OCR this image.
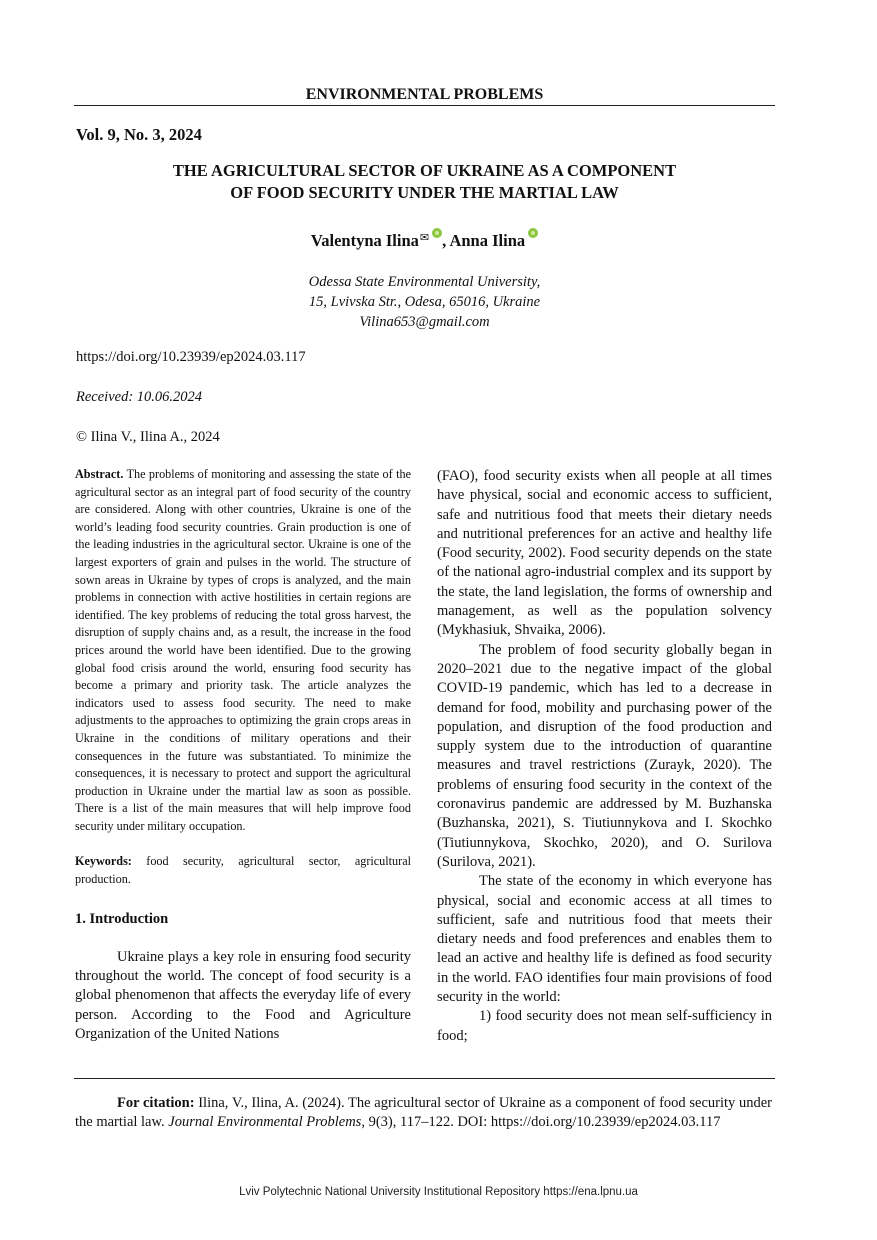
ENVIRONMENTAL PROBLEMS
Vol. 9, No. 3, 2024
THE AGRICULTURAL SECTOR OF UKRAINE AS A COMPONENT
OF FOOD SECURITY UNDER THE MARTIAL LAW
Valentyna Ilina✉ , Anna Ilina
Odessa State Environmental University,
15, Lvivska Str., Odesa, 65016, Ukraine
Vilina653@gmail.com
https://doi.org/10.23939/ep2024.03.117
Received: 10.06.2024
© Ilina V., Ilina A., 2024

Abstract. The problems of monitoring and assessing the state of the agricultural sector as an integral part of food security of the country are considered. Along with other countries, Ukraine is one of the world’s leading food security countries. Grain production is one of the leading industries in the agricultural sector. Ukraine is one of the largest exporters of grain and pulses in the world. The structure of sown areas in Ukraine by types of crops is analyzed, and the main problems in connection with active hostilities in certain regions are identified. The key problems of reducing the total gross harvest, the disruption of supply chains and, as a result, the increase in the food prices around the world have been identified. Due to the growing global food crisis around the world, ensuring food security has become a primary and priority task. The article analyzes the indicators used to assess food security. The need to make adjustments to the approaches to optimizing the grain crops areas in Ukraine in the conditions of military operations and their consequences in the future was substantiated. To minimize the consequences, it is necessary to protect and support the agricultural production in Ukraine under the martial law as soon as possible. There is a list of the main measures that will help improve food security under military occupation.

Keywords: food security, agricultural sector, agricultural production.

1. Introduction

Ukraine plays a key role in ensuring food security throughout the world. The concept of food security is a global phenomenon that affects the everyday life of every person. According to the Food and Agriculture Organization of the United Nations

(FAO), food security exists when all people at all times have physical, social and economic access to sufficient, safe and nutritious food that meets their dietary needs and nutritional preferences for an active and healthy life (Food security, 2002). Food security depends on the state of the national agro-industrial complex and its support by the state, the land legislation, the forms of ownership and management, as well as the population solvency (Mykhasiuk, Shvaika, 2006).

The problem of food security globally began in 2020–2021 due to the negative impact of the global COVID-19 pandemic, which has led to a decrease in demand for food, mobility and purchasing power of the population, and disruption of the food production and supply system due to the introduction of quarantine measures and travel restrictions (Zurayk, 2020). The problems of ensuring food security in the context of the coronavirus pandemic are addressed by M. Buzhanska (Buzhanska, 2021), S. Tiutiunnykova and I. Skochko (Tiutiunnykova, Skochko, 2020), and O. Surilova (Surilova, 2021).

The state of the economy in which everyone has physical, social and economic access at all times to sufficient, safe and nutritious food that meets their dietary needs and food preferences and enables them to lead an active and healthy life is defined as food security in the world. FAO identifies four main provisions of food security in the world:

1) food security does not mean self-sufficiency in food;

For citation: Ilina, V., Ilina, A. (2024). The agricultural sector of Ukraine as a component of food security under the martial law. Journal Environmental Problems, 9(3), 117–122. DOI: https://doi.org/10.23939/ep2024.03.117
Lviv Polytechnic National University Institutional Repository https://ena.lpnu.ua
